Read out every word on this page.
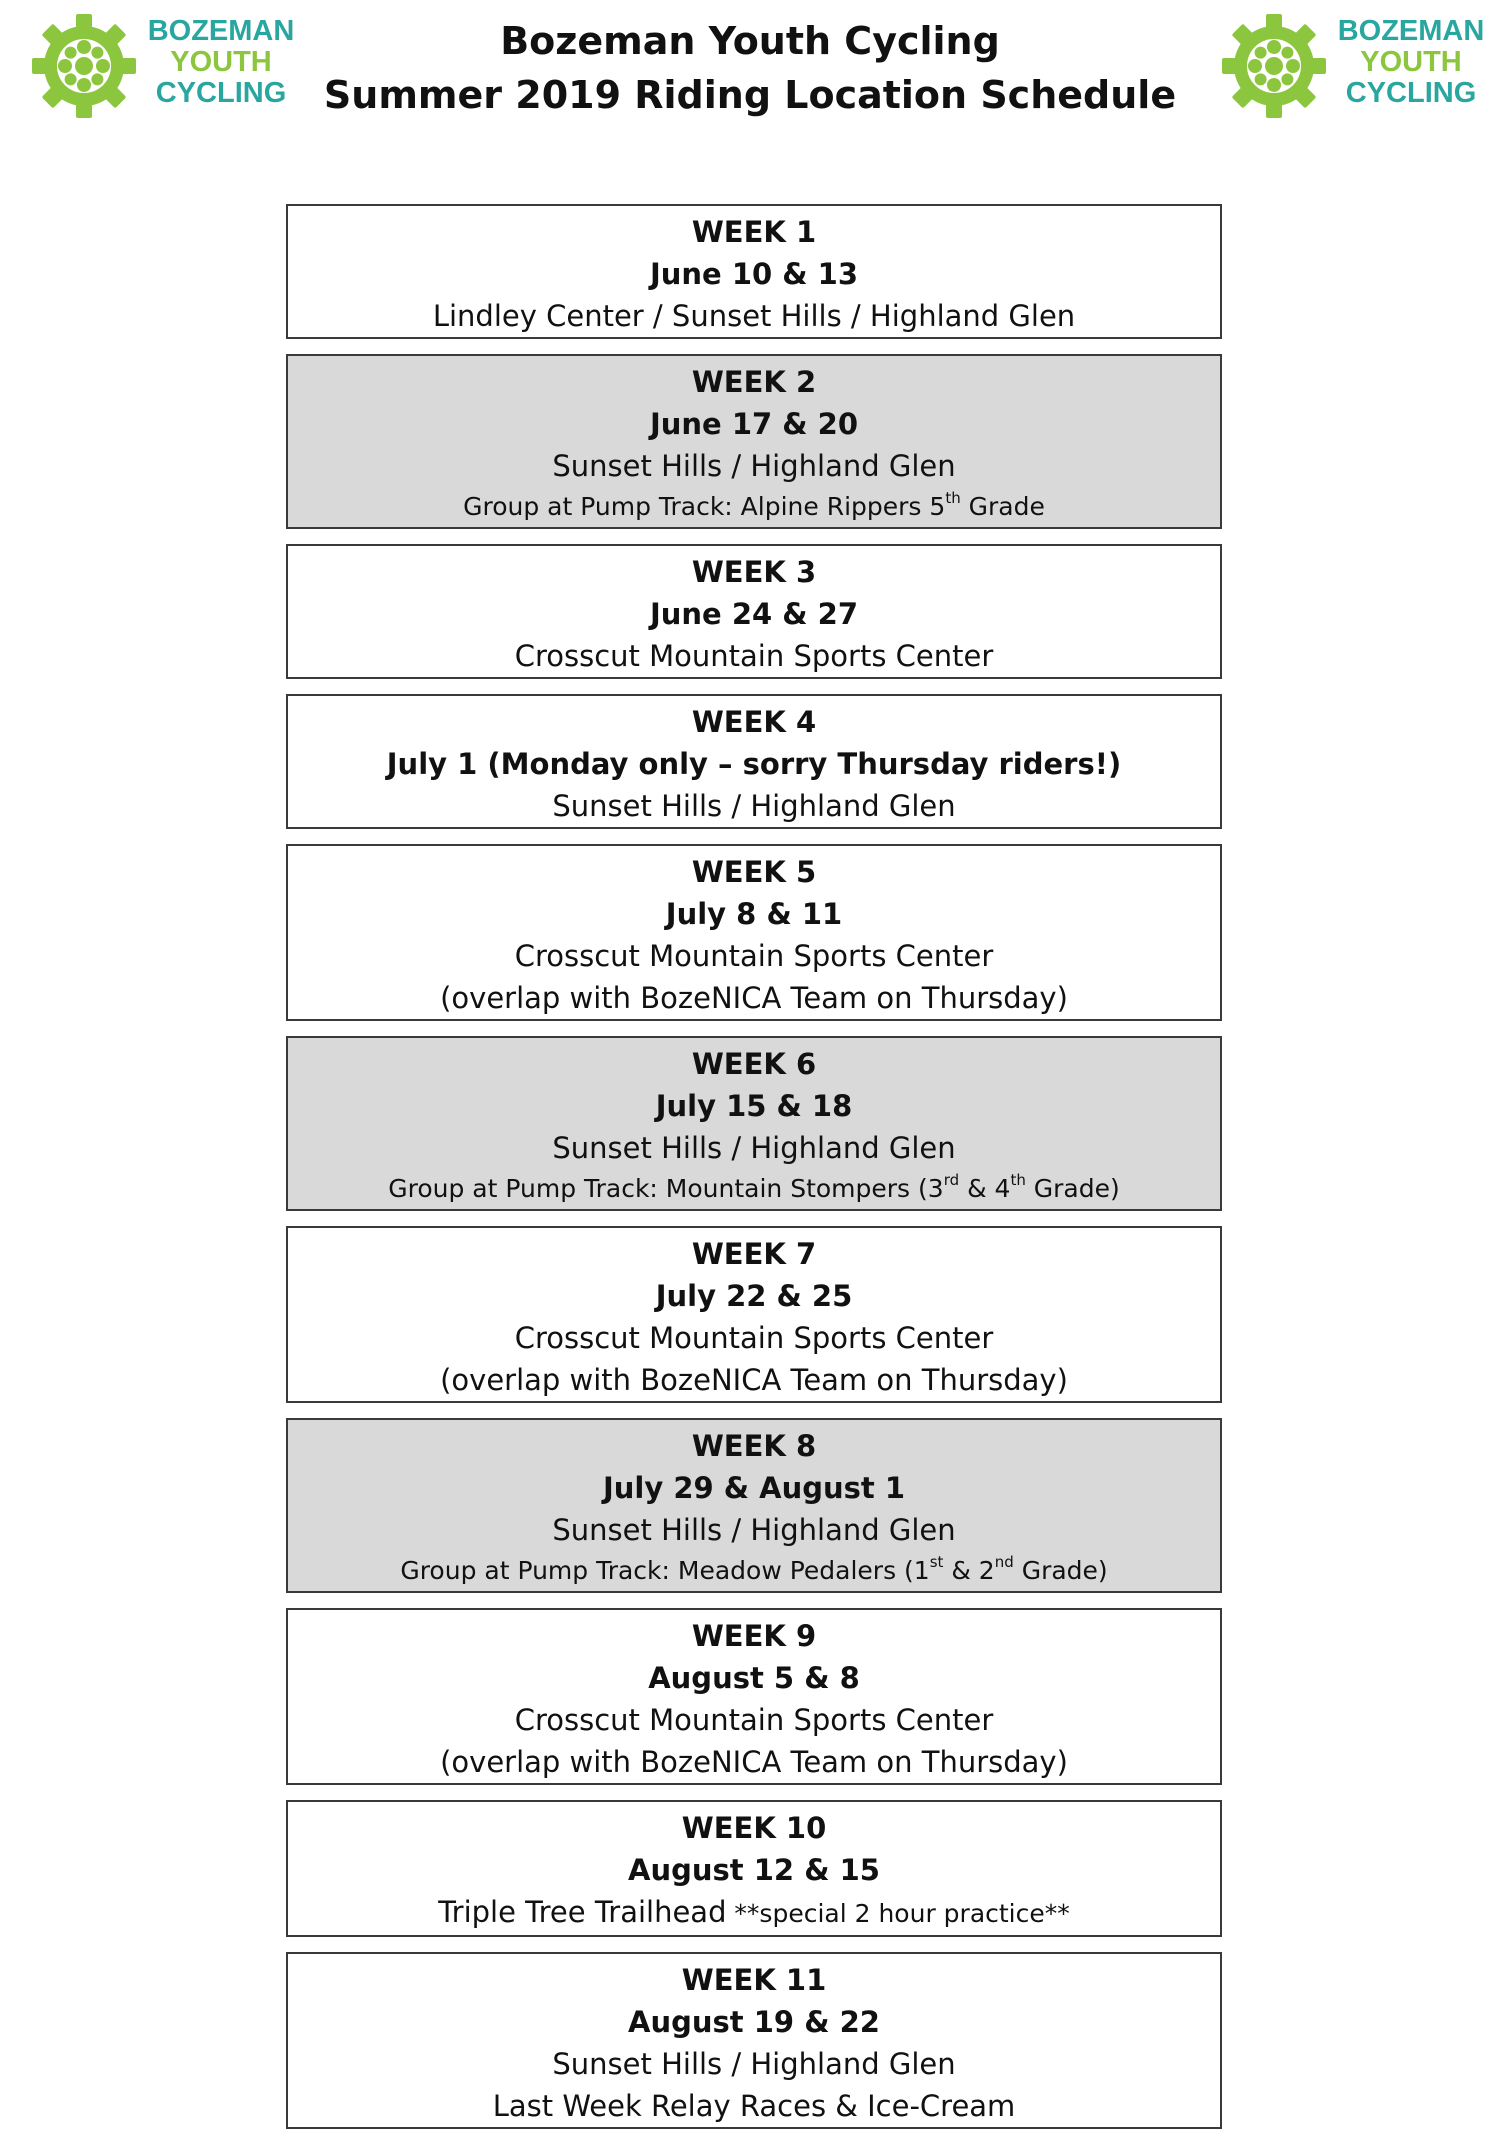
BOZEMAN
YOUTH
CYCLING
BOZEMAN
YOUTH
CYCLING
Bozeman Youth Cycling
Summer 2019 Riding Location Schedule
WEEK 1
June 10 & 13
Lindley Center / Sunset Hills / Highland Glen
WEEK 2
June 17 & 20
Sunset Hills / Highland Glen
Group at Pump Track: Alpine Rippers 5th Grade
WEEK 3
June 24 & 27
Crosscut Mountain Sports Center
WEEK 4
July 1 (Monday only – sorry Thursday riders!)
Sunset Hills / Highland Glen
WEEK 5
July 8 & 11
Crosscut Mountain Sports Center
(overlap with BozeNICA Team on Thursday)
WEEK 6
July 15 & 18
Sunset Hills / Highland Glen
Group at Pump Track: Mountain Stompers (3rd & 4th Grade)
WEEK 7
July 22 & 25
Crosscut Mountain Sports Center
(overlap with BozeNICA Team on Thursday)
WEEK 8
July 29 & August 1
Sunset Hills / Highland Glen
Group at Pump Track: Meadow Pedalers (1st & 2nd Grade)
WEEK 9
August 5 & 8
Crosscut Mountain Sports Center
(overlap with BozeNICA Team on Thursday)
WEEK 10
August 12 & 15
Triple Tree Trailhead **special 2 hour practice**
WEEK 11
August 19 & 22
Sunset Hills / Highland Glen
Last Week Relay Races & Ice-Cream
